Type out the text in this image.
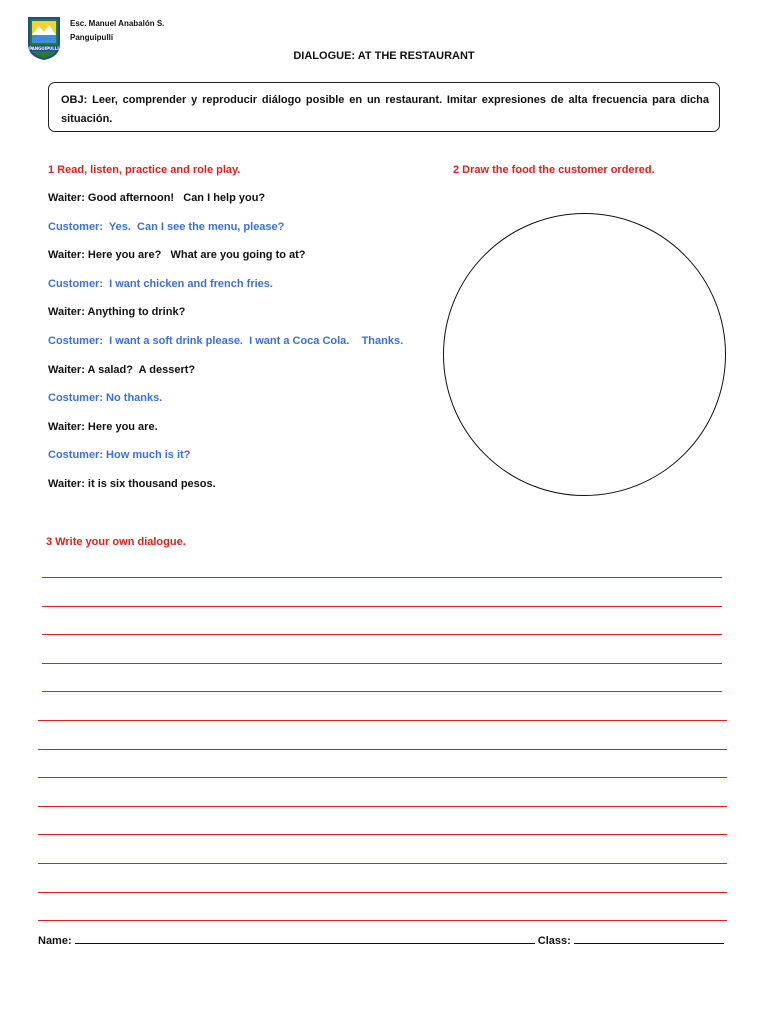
PANGUIPULLI
Esc. Manuel Anabalón S.
Panguipulli
DIALOGUE: AT THE RESTAURANT
OBJ: Leer, comprender y reproducir diálogo posible en un restaurant. Imitar expresiones de alta frecuencia para dicha situación.
1 Read, listen, practice and role play.
Waiter: Good afternoon!   Can I help you?
Customer:  Yes.  Can I see the menu, please?
Waiter: Here you are?   What are you going to at?
Customer:  I want chicken and french fries.
Waiter: Anything to drink?
Costumer:  I want a soft drink please.  I want a Coca Cola.    Thanks.
Waiter: A salad?  A dessert?
Costumer: No thanks.
Waiter: Here you are.
Costumer: How much is it?
Waiter: it is six thousand pesos.
2 Draw the food the customer ordered.
3 Write your own dialogue.
Name:	Class:
